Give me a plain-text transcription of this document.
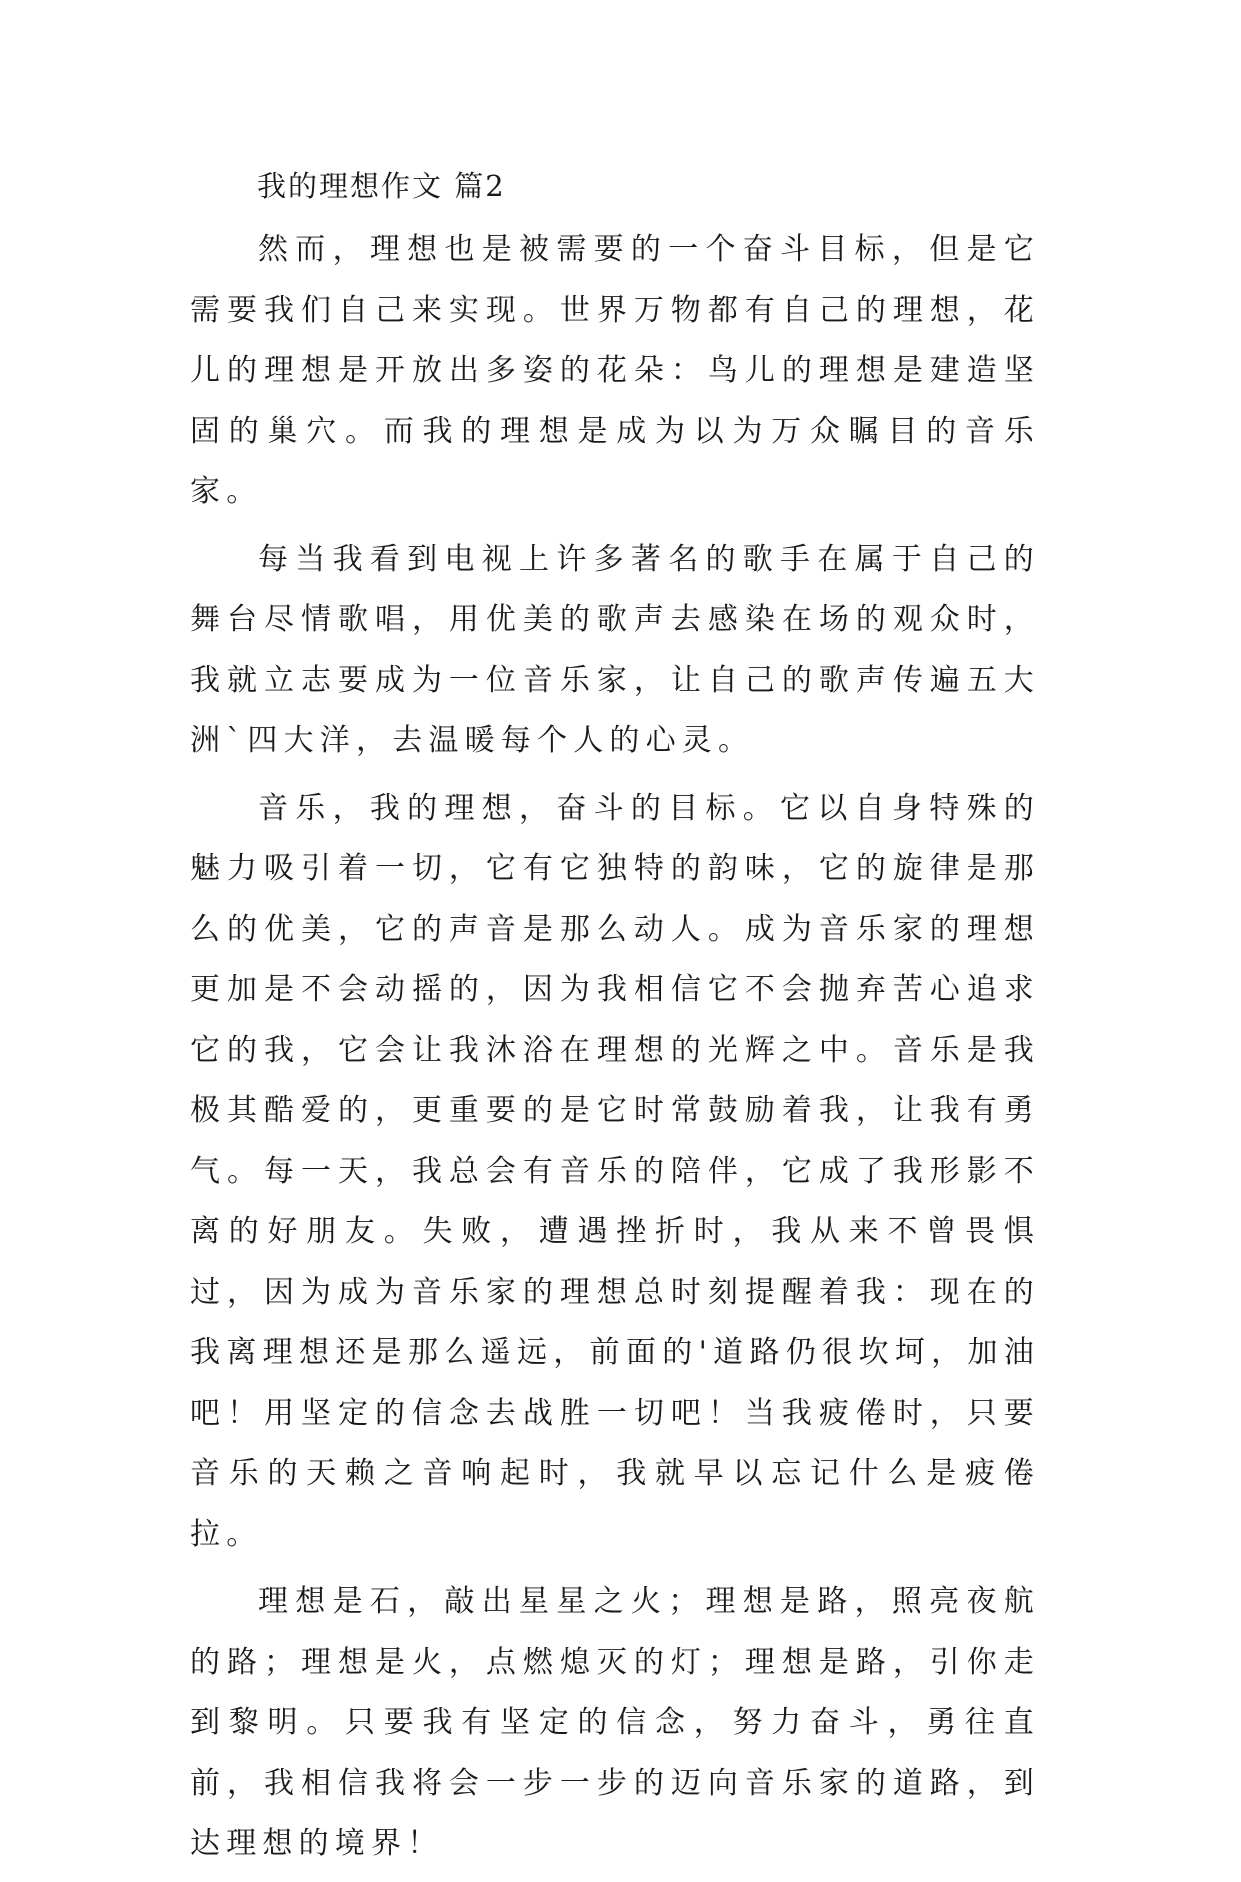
我的理想作文 篇2

然而，理想也是被需要的一个奋斗目标，但是它需要我们自己来实现。世界万物都有自己的理想，花儿的理想是开放出多姿的花朵：鸟儿的理想是建造坚固的巢穴。而我的理想是成为以为万众瞩目的音乐家。

每当我看到电视上许多著名的歌手在属于自己的舞台尽情歌唱，用优美的歌声去感染在场的观众时，我就立志要成为一位音乐家，让自己的歌声传遍五大洲`四大洋，去温暖每个人的心灵。

音乐，我的理想，奋斗的目标。它以自身特殊的魅力吸引着一切，它有它独特的韵味，它的旋律是那么的优美，它的声音是那么动人。成为音乐家的理想更加是不会动摇的，因为我相信它不会抛弃苦心追求它的我，它会让我沐浴在理想的光辉之中。音乐是我极其酷爱的，更重要的是它时常鼓励着我，让我有勇气。每一天，我总会有音乐的陪伴，它成了我形影不离的好朋友。失败，遭遇挫折时，我从来不曾畏惧过，因为成为音乐家的理想总时刻提醒着我：现在的我离理想还是那么遥远，前面的'道路仍很坎坷，加油吧！用坚定的信念去战胜一切吧！当我疲倦时，只要音乐的天赖之音响起时，我就早以忘记什么是疲倦拉。

理想是石，敲出星星之火；理想是路，照亮夜航的路；理想是火，点燃熄灭的灯；理想是路，引你走到黎明。只要我有坚定的信念，努力奋斗，勇往直前，我相信我将会一步一步的迈向音乐家的道路，到达理想的境界！
